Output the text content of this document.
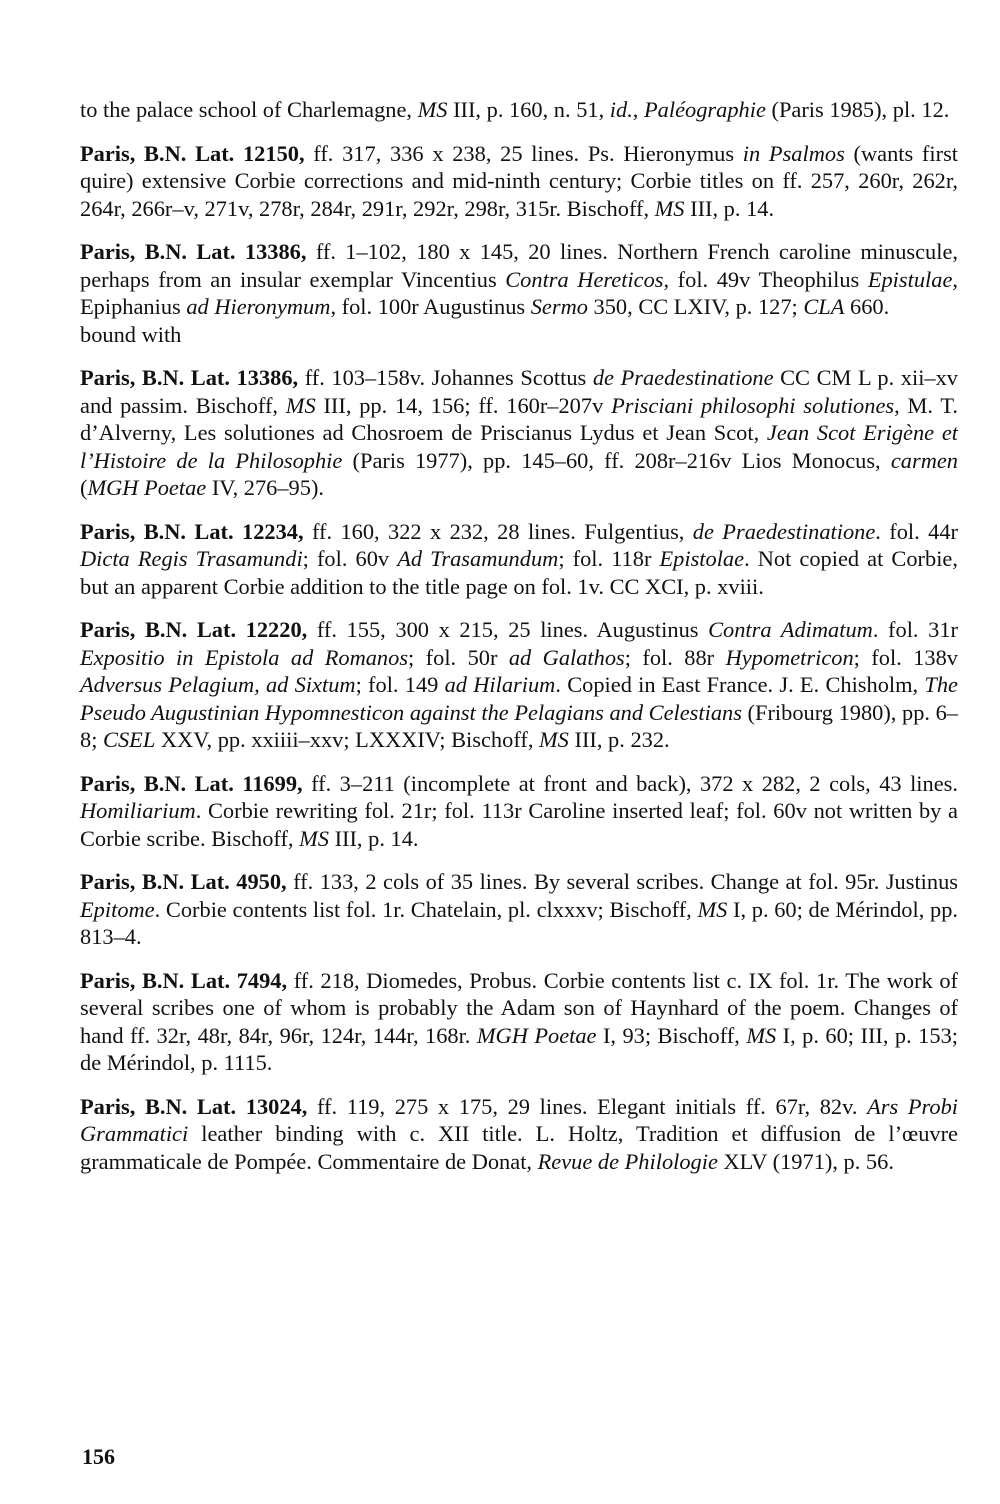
to the palace school of Charlemagne, MS III, p. 160, n. 51, id., Paléographie (Paris 1985), pl. 12.

Paris, B.N. Lat. 12150, ff. 317, 336 x 238, 25 lines. Ps. Hieronymus in Psalmos (wants first quire) extensive Corbie corrections and mid-ninth century; Corbie titles on ff. 257, 260r, 262r, 264r, 266r–v, 271v, 278r, 284r, 291r, 292r, 298r, 315r. Bischoff, MS III, p. 14.

Paris, B.N. Lat. 13386, ff. 1–102, 180 x 145, 20 lines. Northern French caroline minuscule, perhaps from an insular exemplar Vincentius Contra Hereticos, fol. 49v Theophilus Epistulae, Epiphanius ad Hieronymum, fol. 100r Augustinus Sermo 350, CC LXIV, p. 127; CLA 660.

bound with

Paris, B.N. Lat. 13386, ff. 103–158v. Johannes Scottus de Praedestinatione CC CM L p. xii–xv and passim. Bischoff, MS III, pp. 14, 156; ff. 160r–207v Prisciani philosophi solutiones, M. T. d’Alverny, Les solutiones ad Chosroem de Priscianus Lydus et Jean Scot, Jean Scot Erigène et l’Histoire de la Philosophie (Paris 1977), pp. 145–60, ff. 208r–216v Lios Monocus, carmen (MGH Poetae IV, 276–95).

Paris, B.N. Lat. 12234, ff. 160, 322 x 232, 28 lines. Fulgentius, de Praedestinatione. fol. 44r Dicta Regis Trasamundi; fol. 60v Ad Trasamundum; fol. 118r Epistolae. Not copied at Corbie, but an apparent Corbie addition to the title page on fol. 1v. CC XCI, p. xviii.

Paris, B.N. Lat. 12220, ff. 155, 300 x 215, 25 lines. Augustinus Contra Adimatum. fol. 31r Expositio in Epistola ad Romanos; fol. 50r ad Galathos; fol. 88r Hypometricon; fol. 138v Adversus Pelagium, ad Sixtum; fol. 149 ad Hilarium. Copied in East France. J. E. Chisholm, The Pseudo Augustinian Hypomnesticon against the Pelagians and Celestians (Fribourg 1980), pp. 6–8; CSEL XXV, pp. xxiiii–xxv; LXXXIV; Bischoff, MS III, p. 232.

Paris, B.N. Lat. 11699, ff. 3–211 (incomplete at front and back), 372 x 282, 2 cols, 43 lines. Homiliarium. Corbie rewriting fol. 21r; fol. 113r Caroline inserted leaf; fol. 60v not written by a Corbie scribe. Bischoff, MS III, p. 14.

Paris, B.N. Lat. 4950, ff. 133, 2 cols of 35 lines. By several scribes. Change at fol. 95r. Justinus Epitome. Corbie contents list fol. 1r. Chatelain, pl. clxxxv; Bischoff, MS I, p. 60; de Mérindol, pp. 813–4.

Paris, B.N. Lat. 7494, ff. 218, Diomedes, Probus. Corbie contents list c. IX fol. 1r. The work of several scribes one of whom is probably the Adam son of Haynhard of the poem. Changes of hand ff. 32r, 48r, 84r, 96r, 124r, 144r, 168r. MGH Poetae I, 93; Bischoff, MS I, p. 60; III, p. 153; de Mérindol, p. 1115.

Paris, B.N. Lat. 13024, ff. 119, 275 x 175, 29 lines. Elegant initials ff. 67r, 82v. Ars Probi Grammatici leather binding with c. XII title. L. Holtz, Tradition et diffusion de l’œuvre grammaticale de Pompée. Commentaire de Donat, Revue de Philologie XLV (1971), p. 56.

156
